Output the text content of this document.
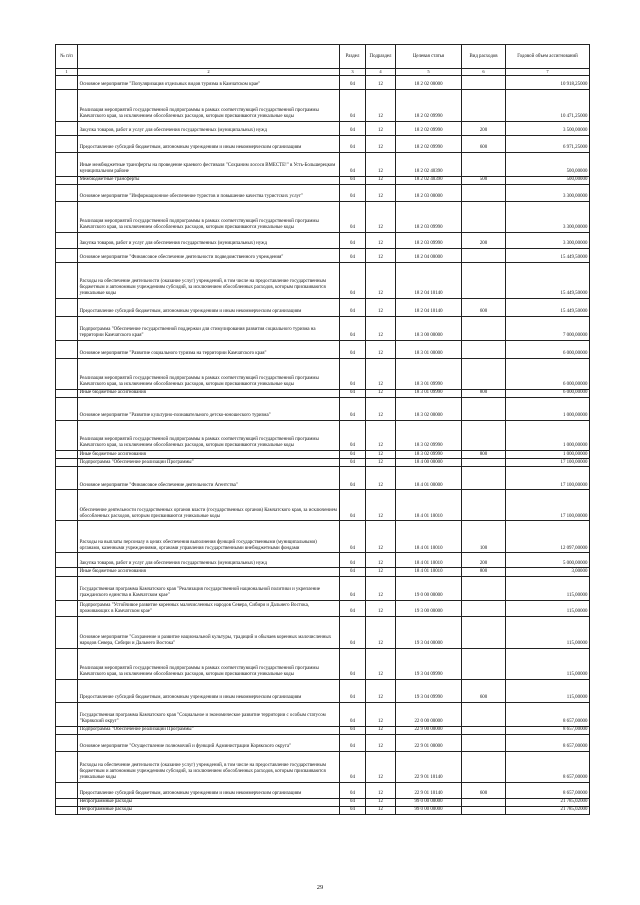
№ п/п		Раздел	Подраздел	Целевая статья	Вид расходов	Годовой объем ассигнований
1	2	3	4	5	6	7
	Основное мероприятие "Популяризация отдельных видов туризма в Камчатском крае"	04	12	18 2 02 00000		10 918,25000
	Реализация мероприятий государственной подпрограммы в рамках соответствующей государственной программы Камчатского края, за исключением обособленных расходов, которым присваиваются уникальные коды	04	12	18 2 02 09990		10 471,25000
	Закупка товаров, работ и услуг для обеспечения государственных (муниципальных) нужд	04	12	18 2 02 09990	200	3 500,00000
	Предоставление субсидий бюджетным, автономным учреждениям и иным некоммерческим организациям	04	12	18 2 02 09990	600	6 971,25000
	Иные межбюджетные трансферты на проведение краевого фестиваля "Сохраним лосося ВМЕСТЕ!" в Усть-Большерецком муниципальном районе	04	12	18 2 02 40390		500,00000
	Межбюджетные трансферты	04	12	18 2 02 40390	500	500,00000
	Основное мероприятие "Информационное обеспечение туристов и повышение качества туристских услуг"	04	12	18 2 03 00000		3 300,00000
	Реализация мероприятий государственной подпрограммы в рамках соответствующей государственной программы Камчатского края, за исключением обособленных расходов, которым присваиваются уникальные коды	04	12	18 2 03 09990		3 300,00000
	Закупка товаров, работ и услуг для обеспечения государственных (муниципальных) нужд	04	12	18 2 03 09990	200	3 300,00000
	Основное мероприятие "Финансовое обеспечение деятельности подведомственного учреждения"	04	12	18 2 04 00000		15 449,50000
	Расходы на обеспечение деятельности (оказание услуг) учреждений, в том числе на предоставление государственным бюджетным и автономным учреждениям субсидий, за исключением обособленных расходов, которым присваиваются уникальные коды	04	12	18 2 04 10140		15 449,50000
	Предоставление субсидий бюджетным, автономным учреждениям и иным некоммерческим организациям	04	12	18 2 04 10140	600	15 449,50000
	Подпрограмма "Обеспечение государственной поддержки для стимулирования развития социального туризма на территории Камчатского края"	04	12	18 3 00 00000		7 000,00000
	Основное мероприятие "Развитие социального туризма на территории Камчатского края"	04	12	18 3 01 00000		6 000,00000
	Реализация мероприятий государственной подпрограммы в рамках соответствующей государственной программы Камчатского края, за исключением обособленных расходов, которым присваиваются уникальные коды	04	12	18 3 01 09990		6 000,00000
	Иные бюджетные ассигнования	04	12	18 3 01 09990	800	6 000,00000
	Основное мероприятие "Развитие культурно-познавательного детско-юношеского туризма"	04	12	18 3 02 00000		1 000,00000
	Реализация мероприятий государственной подпрограммы в рамках соответствующей государственной программы Камчатского края, за исключением обособленных расходов, которым присваиваются уникальные коды	04	12	18 3 02 09990		1 000,00000
	Иные бюджетные ассигнования	04	12	18 3 02 09990	800	1 000,00000
	Подпрограмма "Обеспечение реализации Программы"	04	12	18 4 00 00000		17 100,00000
	Основное мероприятие "Финансовое обеспечение деятельности Агентства"	04	12	18 4 01 00000		17 100,00000
	Обеспечение деятельности государственных органов власти (государственных органов) Камчатского края, за исключением обособленных расходов, которым присваиваются уникальные коды	04	12	18 4 01 10010		17 100,00000
	Расходы на выплаты персоналу в целях обеспечения выполнения функций государственными (муниципальными) органами, казенными учреждениями, органами управления государственными внебюджетными фондами	04	12	18 4 01 10010	100	12 097,00000
	Закупка товаров, работ и услуг для обеспечения государственных (муниципальных) нужд	04	12	18 4 01 10010	200	5 000,00000
	Иные бюджетные ассигнования	04	12	18 4 01 10010	800	3,00000
	Государственная программа Камчатского края "Реализация государственной национальной политики и укрепление гражданского единства в Камчатском крае"	04	12	19 0 00 00000		115,00000
	Подпрограмма "Устойчивое развитие коренных малочисленных народов Севера, Сибири и Дальнего Востока, проживающих в Камчатском крае"	04	12	19 3 00 00000		115,00000
	Основное мероприятие "Сохранение и развитие национальной культуры, традиций и обычаев коренных малочисленных народов Севера, Сибири и Дальнего Востока"	04	12	19 3 04 00000		115,00000
	Реализация мероприятий государственной подпрограммы в рамках соответствующей государственной программы Камчатского края, за исключением обособленных расходов, которым присваиваются уникальные коды	04	12	19 3 04 09990		115,00000
	Предоставление субсидий бюджетным, автономным учреждениям и иным некоммерческим организациям	04	12	19 3 04 09990	600	115,00000
	Государственная программа Камчатского края "Социальное и экономическое развитие территории с особым статусом "Корякский округ"	04	12	22 0 00 00000		8 657,00000
	Подпрограмма "Обеспечение реализации Программы"	04	12	22 9 00 00000		8 657,00000
	Основное мероприятие "Осуществление полномочий и функций Администрации Корякского округа"	04	12	22 9 01 00000		8 657,00000
	Расходы на обеспечение деятельности (оказание услуг) учреждений, в том числе на предоставление государственным бюджетным и автономным учреждениям субсидий, за исключением обособленных расходов, которым присваиваются уникальные коды	04	12	22 9 01 10140		8 657,00000
	Предоставление субсидий бюджетным, автономным учреждениям и иным некоммерческим организациям	04	12	22 9 01 10140	600	8 657,00000
	Непрограммные расходы	04	12	99 0 00 00000		21 785,02000
	Непрограммные расходы	04	12	99 0 00 00000		21 785,02000
29
